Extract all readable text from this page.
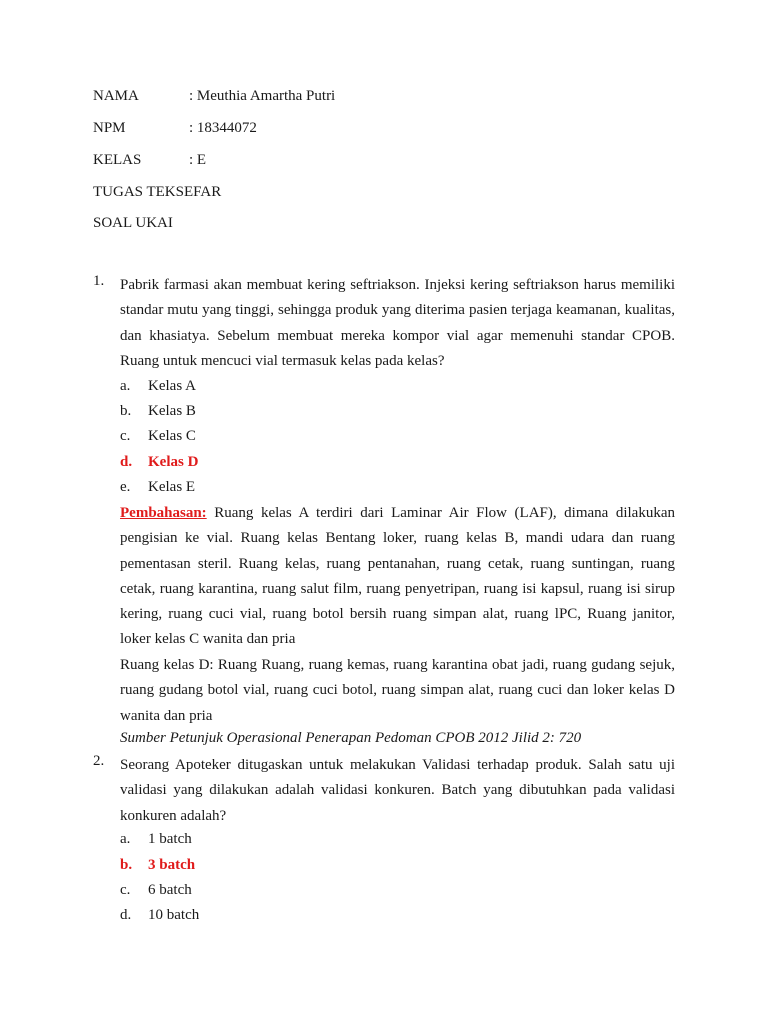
NAMA	: Meuthia Amartha Putri
NPM	: 18344072
KELAS	: E
TUGAS TEKSEFAR
SOAL UKAI
1. Pabrik farmasi akan membuat kering seftriakson. Injeksi kering seftriakson harus memiliki standar mutu yang tinggi, sehingga produk yang diterima pasien terjaga keamanan, kualitas, dan khasiatya. Sebelum membuat mereka kompor vial agar memenuhi standar CPOB. Ruang untuk mencuci vial termasuk kelas pada kelas?
a. Kelas A
b. Kelas B
c. Kelas C
d. Kelas D
e. Kelas E
Pembahasan: Ruang kelas A terdiri dari Laminar Air Flow (LAF), dimana dilakukan pengisian ke vial. Ruang kelas Bentang loker, ruang kelas B, mandi udara dan ruang pementasan steril. Ruang kelas, ruang pentanahan, ruang cetak, ruang suntingan, ruang cetak, ruang karantina, ruang salut film, ruang penyetripan, ruang isi kapsul, ruang isi sirup kering, ruang cuci vial, ruang botol bersih ruang simpan alat, ruang lPC, Ruang janitor, loker kelas C wanita dan pria
Ruang kelas D: Ruang Ruang, ruang kemas, ruang karantina obat jadi, ruang gudang sejuk, ruang gudang botol vial, ruang cuci botol, ruang simpan alat, ruang cuci dan loker kelas D wanita dan pria
Sumber Petunjuk Operasional Penerapan Pedoman CPOB 2012 Jilid 2: 720
2. Seorang Apoteker ditugaskan untuk melakukan Validasi terhadap produk. Salah satu uji validasi yang dilakukan adalah validasi konkuren. Batch yang dibutuhkan pada validasi konkuren adalah?
a. 1 batch
b. 3 batch
c. 6 batch
d. 10 batch
